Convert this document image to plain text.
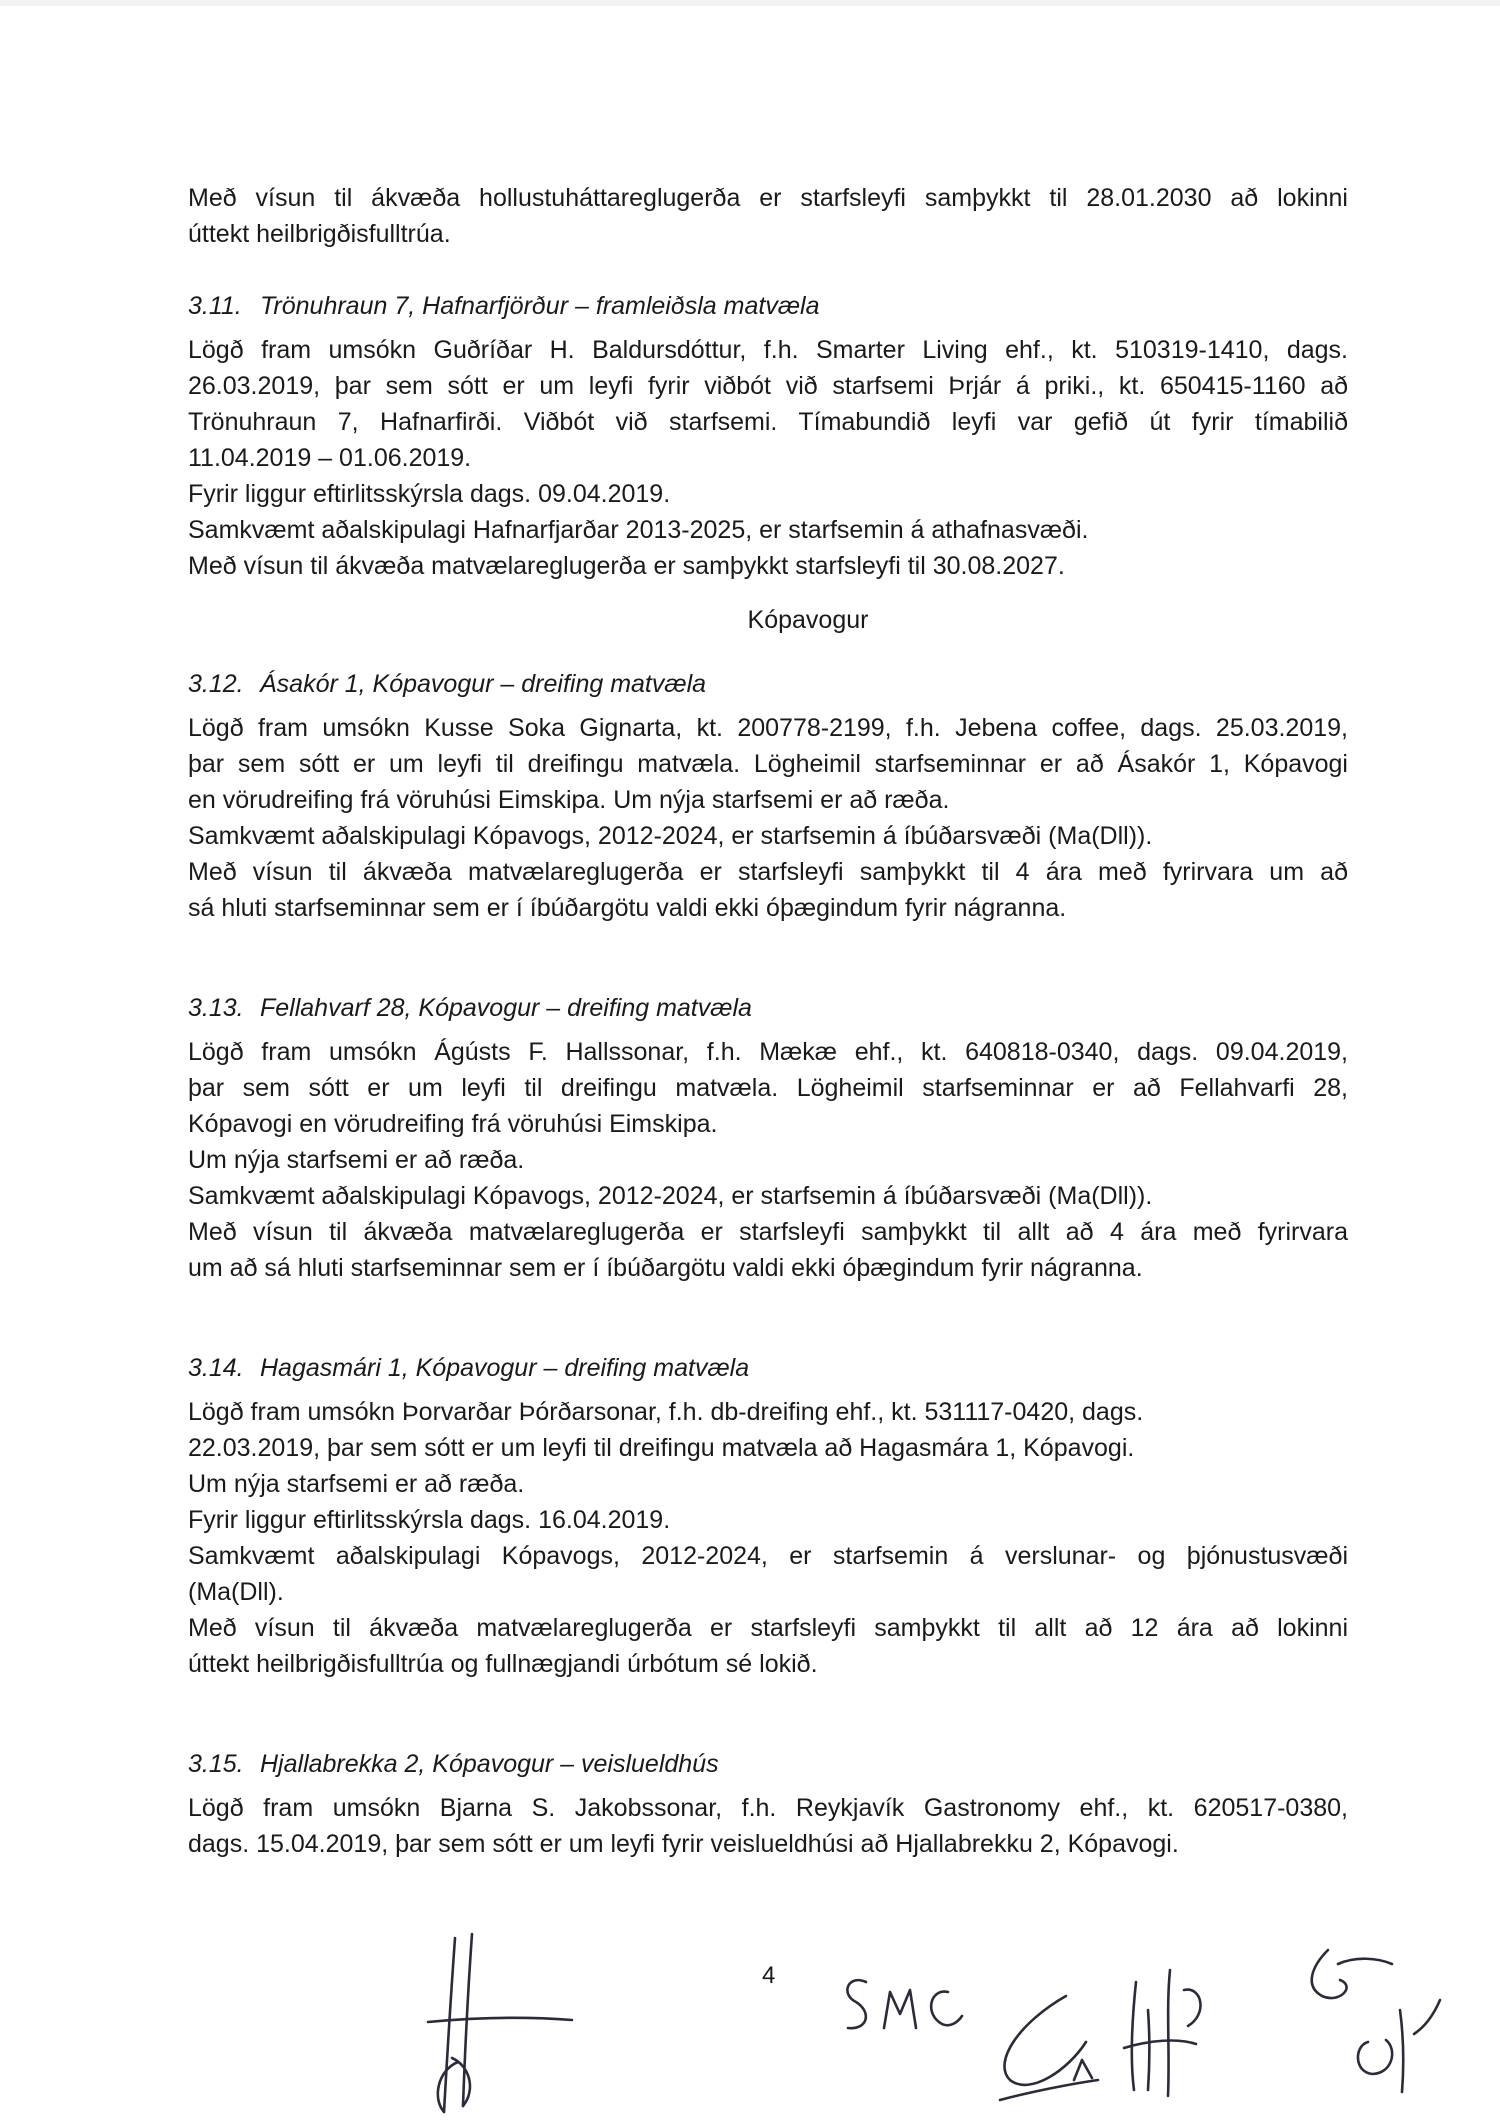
Með vísun til ákvæða hollustuháttareglugerða er starfsleyfi samþykkt til 28.01.2030 að lokinni
úttekt heilbrigðisfulltrúa.
3.11. Trönuhraun 7, Hafnarfjörður – framleiðsla matvæla
Lögð fram umsókn Guðríðar H. Baldursdóttur, f.h. Smarter Living ehf., kt. 510319-1410, dags.
26.03.2019, þar sem sótt er um leyfi fyrir viðbót við starfsemi Þrjár á priki., kt. 650415-1160 að
Trönuhraun 7, Hafnarfirði. Viðbót við starfsemi. Tímabundið leyfi var gefið út fyrir tímabilið
11.04.2019 – 01.06.2019.
Fyrir liggur eftirlitsskýrsla dags. 09.04.2019.
Samkvæmt aðalskipulagi Hafnarfjarðar 2013-2025, er starfsemin á athafnasvæði.
Með vísun til ákvæða matvælareglugerða er samþykkt starfsleyfi til 30.08.2027.
Kópavogur
3.12. Ásakór 1, Kópavogur – dreifing matvæla
Lögð fram umsókn Kusse Soka Gignarta, kt. 200778-2199, f.h. Jebena coffee, dags. 25.03.2019,
þar sem sótt er um leyfi til dreifingu matvæla. Lögheimil starfseminnar er að Ásakór 1, Kópavogi
en vörudreifing frá vöruhúsi Eimskipa. Um nýja starfsemi er að ræða.
Samkvæmt aðalskipulagi Kópavogs, 2012-2024, er starfsemin á íbúðarsvæði (Ma(Dll)).
Með vísun til ákvæða matvælareglugerða er starfsleyfi samþykkt til 4 ára með fyrirvara um að
sá hluti starfseminnar sem er í íbúðargötu valdi ekki óþægindum fyrir nágranna.
3.13. Fellahvarf 28, Kópavogur – dreifing matvæla
Lögð fram umsókn Ágústs F. Hallssonar, f.h. Mækæ ehf., kt. 640818-0340, dags. 09.04.2019,
þar sem sótt er um leyfi til dreifingu matvæla. Lögheimil starfseminnar er að Fellahvarfi 28,
Kópavogi en vörudreifing frá vöruhúsi Eimskipa.
Um nýja starfsemi er að ræða.
Samkvæmt aðalskipulagi Kópavogs, 2012-2024, er starfsemin á íbúðarsvæði (Ma(Dll)).
Með vísun til ákvæða matvælareglugerða er starfsleyfi samþykkt til allt að 4 ára með fyrirvara
um að sá hluti starfseminnar sem er í íbúðargötu valdi ekki óþægindum fyrir nágranna.
3.14. Hagasmári 1, Kópavogur – dreifing matvæla
Lögð fram umsókn Þorvarðar Þórðarsonar, f.h. db-dreifing ehf., kt. 531117-0420, dags.
22.03.2019, þar sem sótt er um leyfi til dreifingu matvæla að Hagasmára 1, Kópavogi.
Um nýja starfsemi er að ræða.
Fyrir liggur eftirlitsskýrsla dags. 16.04.2019.
Samkvæmt aðalskipulagi Kópavogs, 2012-2024, er starfsemin á verslunar- og þjónustusvæði
(Ma(Dll).
Með vísun til ákvæða matvælareglugerða er starfsleyfi samþykkt til allt að 12 ára að lokinni
úttekt heilbrigðisfulltrúa og fullnægjandi úrbótum sé lokið.
3.15. Hjallabrekka 2, Kópavogur – veislueldhús
Lögð fram umsókn Bjarna S. Jakobssonar, f.h. Reykjavík Gastronomy ehf., kt. 620517-0380,
dags. 15.04.2019, þar sem sótt er um leyfi fyrir veislueldhúsi að Hjallabrekku 2, Kópavogi.
4
SMG
